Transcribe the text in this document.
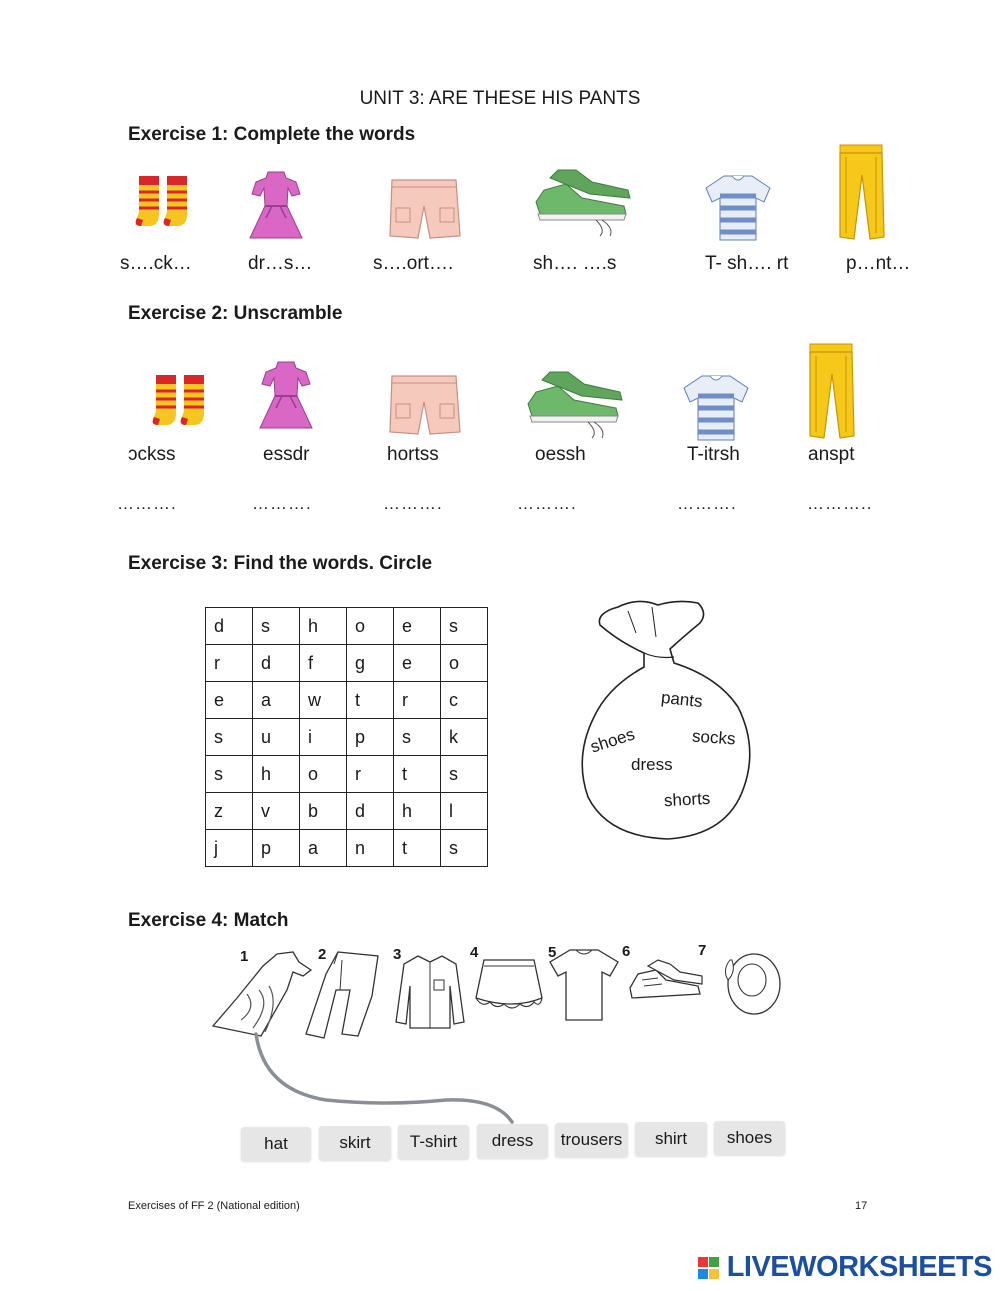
UNIT 3: ARE THESE HIS PANTS
Exercise 1: Complete the words
s….ck…	dr…s…	s….ort….	sh…. ….s	T- sh…. rt	p…nt…
Exercise 2: Unscramble
ɔckss	essdr	hortss	oessh	T-itrsh	anspt
……….	……….	……….	……….	……….	………..
Exercise 3: Find the words. Circle
d	s	h	o	e	s
r	d	f	g	e	o
e	a	w	t	r	c
s	u	i	p	s	k
s	h	o	r	t	s
z	v	b	d	h	l
j	p	a	n	t	s
pants
shoes	socks
dress
shorts
Exercise 4: Match
1	2	3	4	5	6	7
hat	skirt	T-shirt	dress	trousers	shirt	shoes
Exercises of FF 2 (National edition)	17
LIVEWORKSHEETS
